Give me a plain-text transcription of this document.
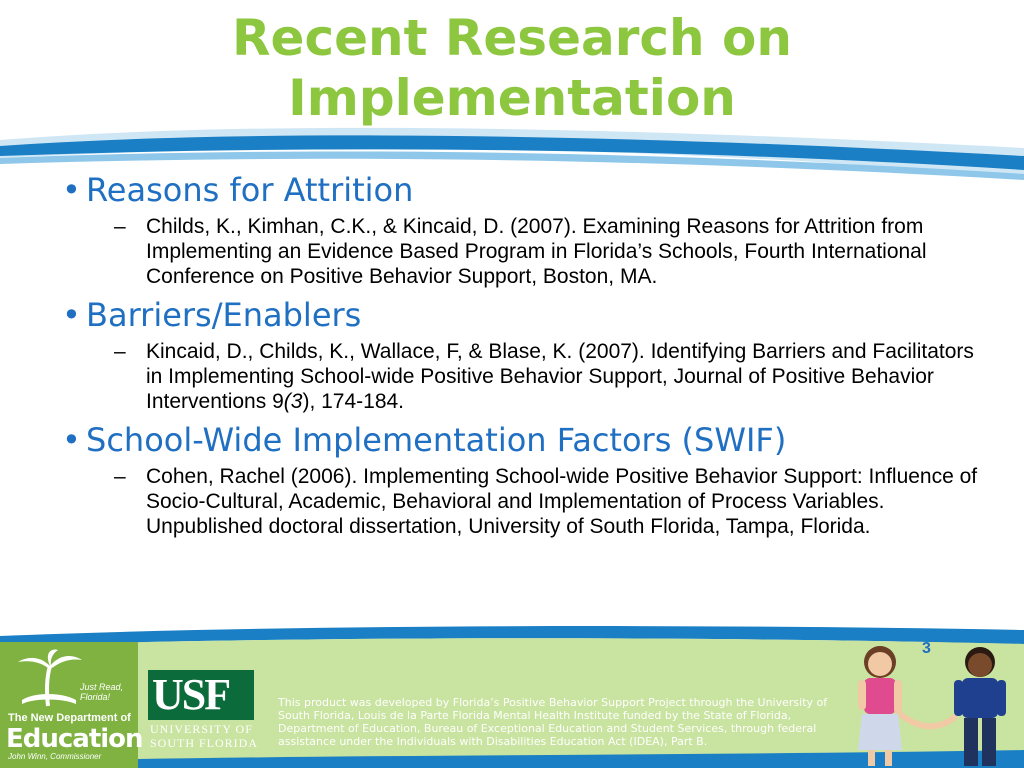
Recent Research on
Implementation

• Reasons for Attrition

– Childs, K., Kimhan, C.K., & Kincaid, D. (2007). Examining Reasons for Attrition from Implementing an Evidence Based Program in Florida’s Schools, Fourth International Conference on Positive Behavior Support, Boston, MA.

• Barriers/Enablers

– Kincaid, D., Childs, K., Wallace, F, & Blase, K. (2007). Identifying Barriers and Facilitators in Implementing School-wide Positive Behavior Support, Journal of Positive Behavior Interventions 9(3), 174-184.

• School-Wide Implementation Factors (SWIF)

– Cohen, Rachel (2006). Implementing School-wide Positive Behavior Support: Influence of Socio-Cultural, Academic, Behavioral and Implementation of Process Variables. Unpublished doctoral dissertation, University of South Florida, Tampa, Florida.

Just Read, Florida!
The New Department of
Education
John Winn, Commissioner
USF
UNIVERSITY OF
SOUTH FLORIDA
This product was developed by Florida’s Positive Behavior Support Project through the University of South Florida, Louis de la Parte Florida Mental Health Institute funded by the State of Florida, Department of Education, Bureau of Exceptional Education and Student Services, through federal assistance under the Individuals with Disabilities Education Act (IDEA), Part B.
3
